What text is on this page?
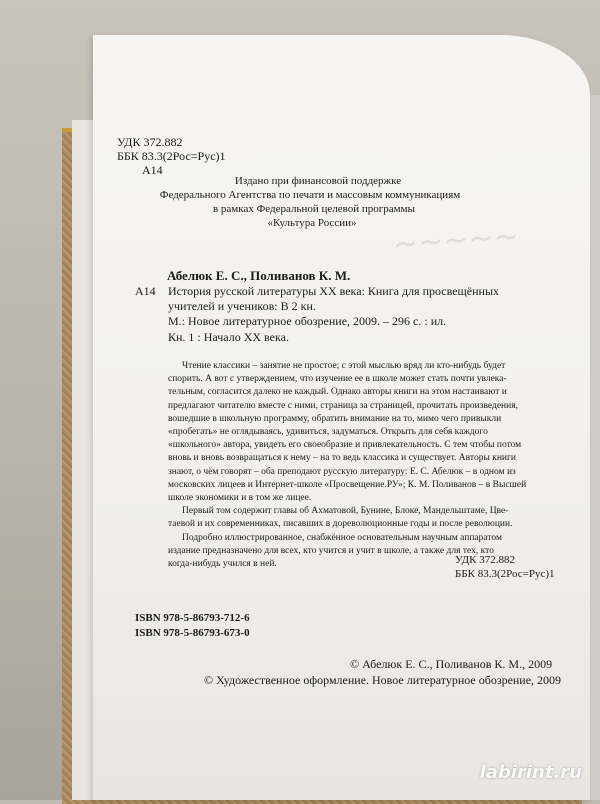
~~~~~
УДК 372.882
ББК 83.3(2Рос=Рус)1
А14
Издано при финансовой поддержке
Федерального Агентства по печати и массовым коммуникациям
в рамках Федеральной целевой программы
«Культура России»
Абелюк Е. С., Поливанов К. М.
А14 История русской литературы XX века: Книга для просвещённых
учителей и учеников: В 2 кн.
М.: Новое литературное обозрение, 2009. – 296 с. : ил.
Кн. 1 : Начало XX века.

Чтение классики – занятие не простое; с этой мыслью вряд ли кто-нибудь будет

спорить. А вот с утверждением, что изучение ее в школе может стать почти увлека-

тельным, согласится далеко не каждый. Однако авторы книги на этом настаивают и

предлагают читателю вместе с ними, страница за страницей, прочитать произведения,

вошедшие в школьную программу, обратить внимание на то, мимо чего привыкли

«пробегать» не оглядываясь, удивиться, задуматься. Открыть для себя каждого

«школьного» автора, увидеть его своеобразие и привлекательность. С тем чтобы потом

вновь и вновь возвращаться к нему – на то ведь классика и существует. Авторы книги

знают, о чём говорят – оба преподают русскую литературу: Е. С. Абелюк – в одном из

московских лицеев и Интернет-школе «Просвещение.РУ»; К. М. Поливанов – в Высшей

школе экономики и в том же лицее.

Первый том содержит главы об Ахматовой, Бунине, Блоке, Мандельштаме, Цве-

таевой и их современниках, писавших в дореволюционные годы и после революции.

Подробно иллюстрированное, снабжённое основательным научным аппаратом

издание предназначено для всех, кто учится и учит в школе, а также для тех, кто

когда-нибудь учился в ней.	УДК 372.882
ББК 83.3(2Рос=Рус)1
ISBN 978-5-86793-712-6
ISBN 978-5-86793-673-0
© Абелюк Е. С., Поливанов К. М., 2009
© Художественное оформление. Новое литературное обозрение, 2009
labirint.ru
